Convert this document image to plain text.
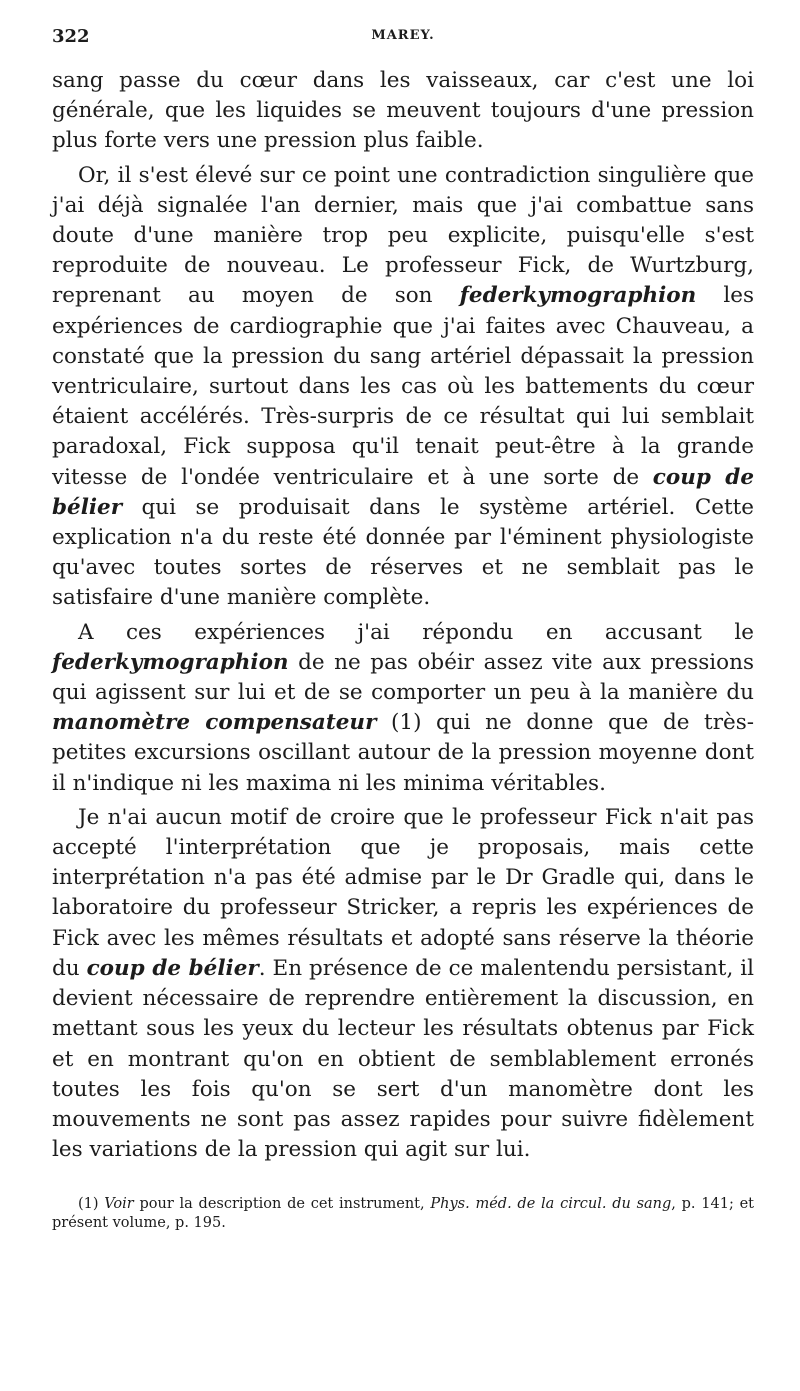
322	MAREY.

sang passe du cœur dans les vaisseaux, car c'est une loi générale, que les liquides se meuvent toujours d'une pression plus forte vers une pression plus faible.

Or, il s'est élevé sur ce point une contradiction singulière que j'ai déjà signalée l'an dernier, mais que j'ai combattue sans doute d'une manière trop peu explicite, puisqu'elle s'est reproduite de nouveau. Le professeur Fick, de Wurtzburg, reprenant au moyen de son federkymographion les expériences de cardiographie que j'ai faites avec Chauveau, a constaté que la pression du sang artériel dépassait la pression ventriculaire, surtout dans les cas où les battements du cœur étaient accélérés. Très-surpris de ce résultat qui lui semblait paradoxal, Fick supposa qu'il tenait peut-être à la grande vitesse de l'ondée ventriculaire et à une sorte de coup de bélier qui se produisait dans le système artériel. Cette explication n'a du reste été donnée par l'éminent physiologiste qu'avec toutes sortes de réserves et ne semblait pas le satisfaire d'une manière complète.

A ces expériences j'ai répondu en accusant le federkymographion de ne pas obéir assez vite aux pressions qui agissent sur lui et de se comporter un peu à la manière du manomètre compensateur (1) qui ne donne que de très-petites excursions oscillant autour de la pression moyenne dont il n'indique ni les maxima ni les minima véritables.

Je n'ai aucun motif de croire que le professeur Fick n'ait pas accepté l'interprétation que je proposais, mais cette interprétation n'a pas été admise par le Dr Gradle qui, dans le laboratoire du professeur Stricker, a repris les expériences de Fick avec les mêmes résultats et adopté sans réserve la théorie du coup de bélier. En présence de ce malentendu persistant, il devient nécessaire de reprendre entièrement la discussion, en mettant sous les yeux du lecteur les résultats obtenus par Fick et en montrant qu'on en obtient de semblablement erronés toutes les fois qu'on se sert d'un manomètre dont les mouvements ne sont pas assez rapides pour suivre fidèlement les variations de la pression qui agit sur lui.

(1) Voir pour la description de cet instrument, Phys. méd. de la circul. du sang, p. 141; et présent volume, p. 195.
